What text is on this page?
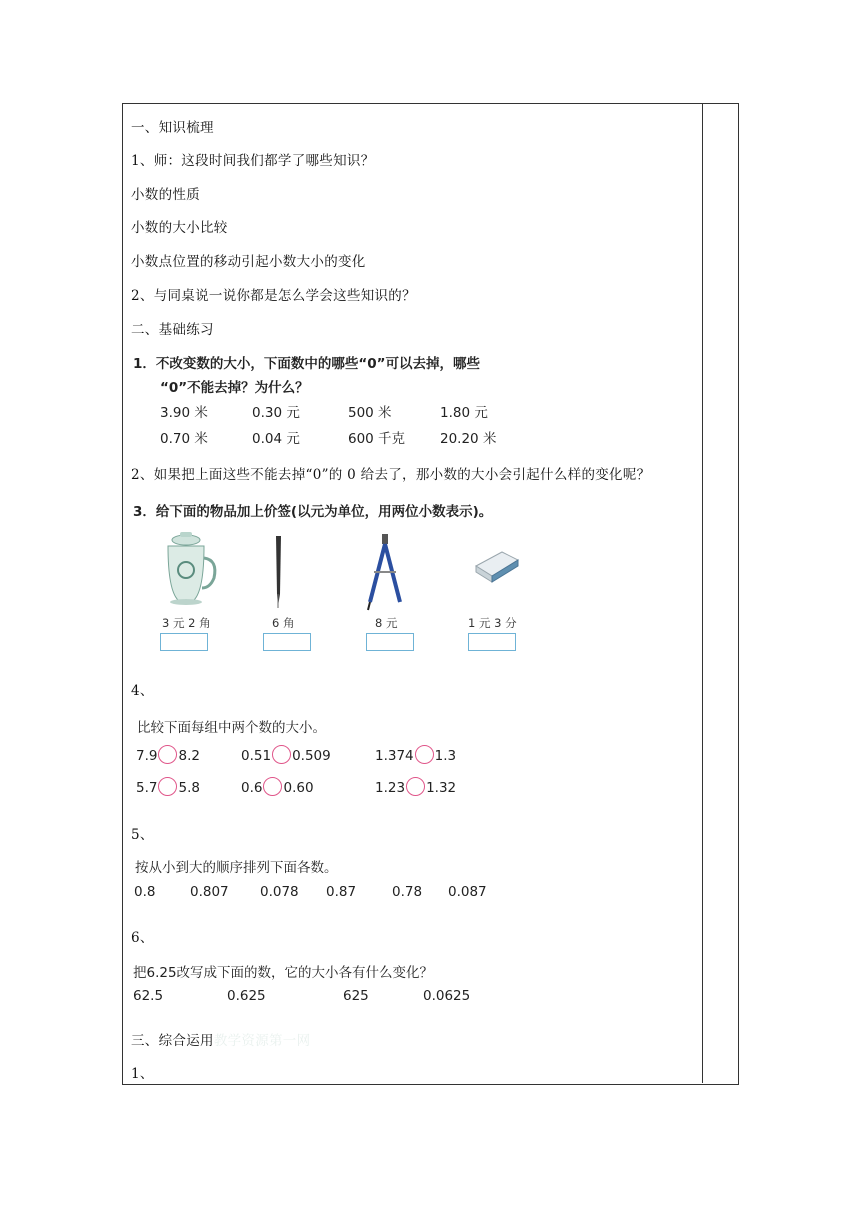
一、知识梳理
1、师：这段时间我们都学了哪些知识？
小数的性质
小数的大小比较
小数点位置的移动引起小数大小的变化
2、与同桌说一说你都是怎么学会这些知识的？
二、基础练习
1．不改变数的大小，下面数中的哪些“0”可以去掉，哪些
“0”不能去掉？为什么？
3.90 米	0.30 元	500 米	1.80 元
0.70 米	0.04 元	600 千克	20.20 米
2、如果把上面这些不能去掉“0”的 0 给去了，那小数的大小会引起什么样的变化呢？
3．给下面的物品加上价签(以元为单位，用两位小数表示)。
3 元 2 角	6 角	8 元	1 元 3 分
4、
比较下面每组中两个数的大小。
7.9 8.2	0.51 0.509	1.374 1.3
5.7 5.8	0.6 0.60	1.23 1.32
5、
按从小到大的顺序排列下面各数。
0.8	0.807 0.078 0.87	0.78 0.087
6、
把6.25改写成下面的数，它的大小各有什么变化？
62.5	0.625	625	0.0625
三、综合运用教学资源第一网
1、
